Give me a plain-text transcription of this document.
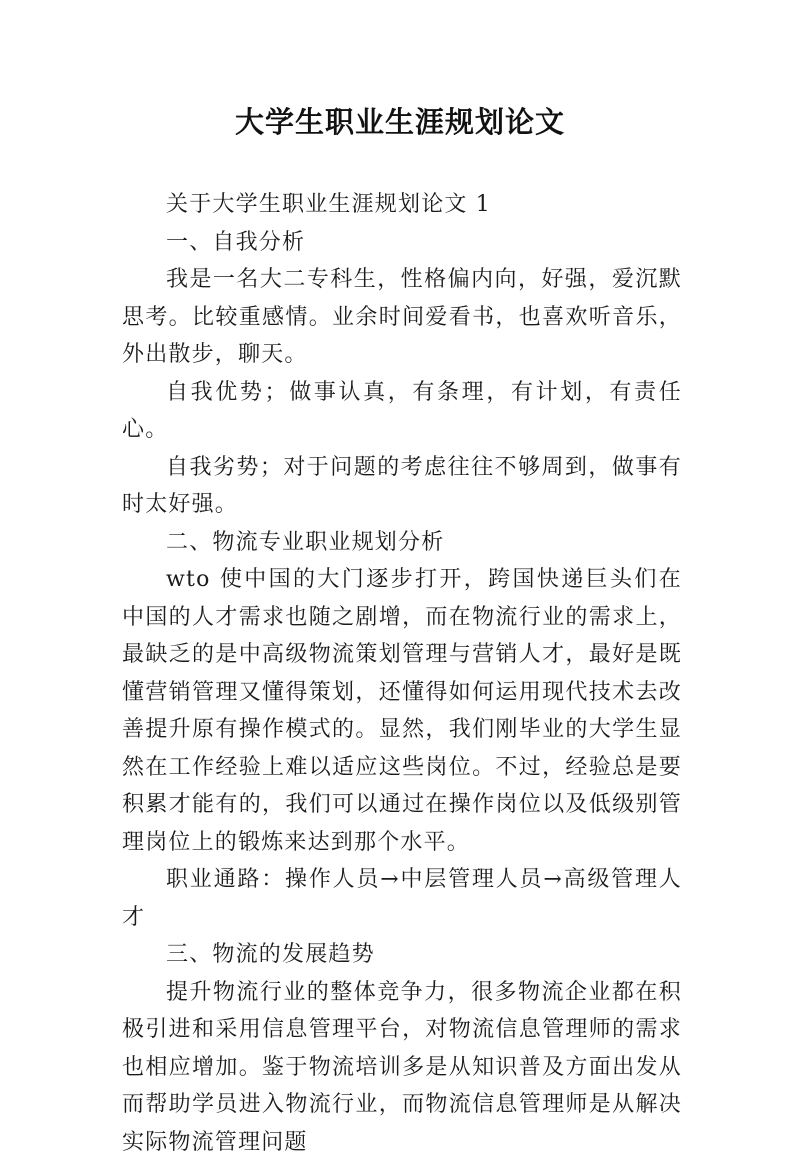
大学生职业生涯规划论文

关于大学生职业生涯规划论文 1

一、自我分析

我是一名大二专科生，性格偏内向，好强，爱沉默思考。比较重感情。业余时间爱看书，也喜欢听音乐，外出散步，聊天。

自我优势；做事认真，有条理，有计划，有责任心。

自我劣势；对于问题的考虑往往不够周到，做事有时太好强。

二、物流专业职业规划分析

wto 使中国的大门逐步打开，跨国快递巨头们在中国的人才需求也随之剧增，而在物流行业的需求上，最缺乏的是中高级物流策划管理与营销人才，最好是既懂营销管理又懂得策划，还懂得如何运用现代技术去改善提升原有操作模式的。显然，我们刚毕业的大学生显然在工作经验上难以适应这些岗位。不过，经验总是要积累才能有的，我们可以通过在操作岗位以及低级别管理岗位上的锻炼来达到那个水平。

职业通路：操作人员→中层管理人员→高级管理人才

三、物流的发展趋势

提升物流行业的整体竞争力，很多物流企业都在积极引进和采用信息管理平台，对物流信息管理师的需求也相应增加。鉴于物流培训多是从知识普及方面出发从而帮助学员进入物流行业，而物流信息管理师是从解决实际物流管理问题
